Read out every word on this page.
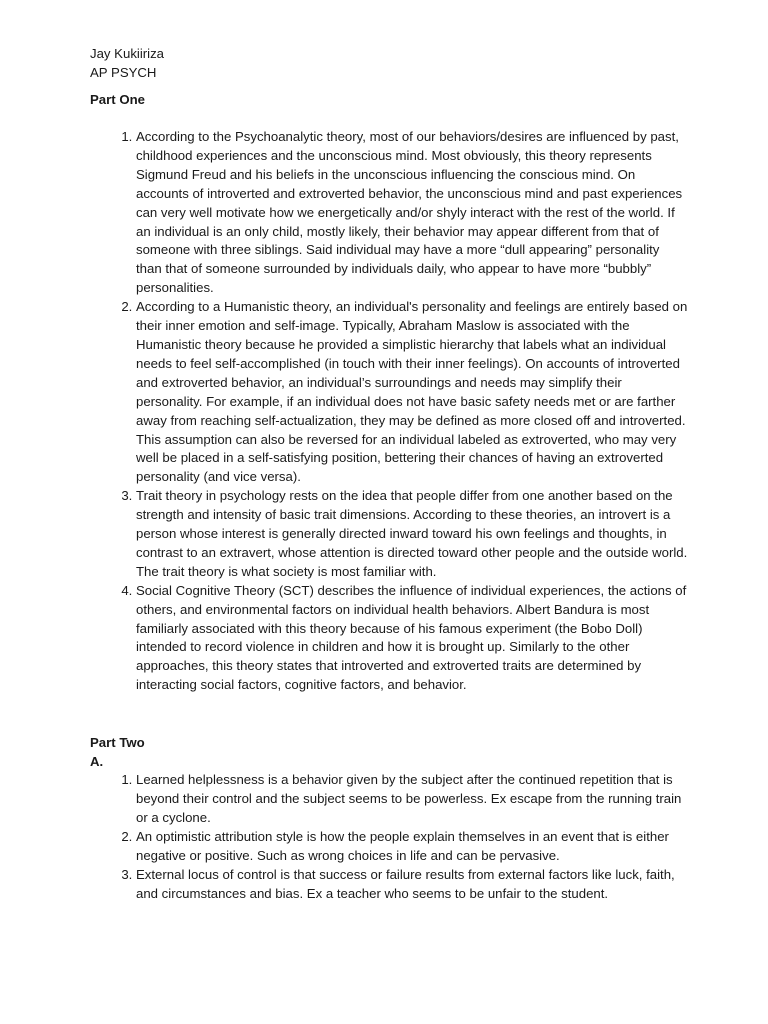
Jay Kukiiriza
AP PSYCH
Part One
1. According to the Psychoanalytic theory, most of our behaviors/desires are influenced by past, childhood experiences and the unconscious mind. Most obviously, this theory represents Sigmund Freud and his beliefs in the unconscious influencing the conscious mind. On accounts of introverted and extroverted behavior, the unconscious mind and past experiences can very well motivate how we energetically and/or shyly interact with the rest of the world. If an individual is an only child, mostly likely, their behavior may appear different from that of someone with three siblings. Said individual may have a more “dull appearing” personality than that of someone surrounded by individuals daily, who appear to have more “bubbly” personalities.
2. According to a Humanistic theory, an individual's personality and feelings are entirely based on their inner emotion and self-image. Typically, Abraham Maslow is associated with the Humanistic theory because he provided a simplistic hierarchy that labels what an individual needs to feel self-accomplished (in touch with their inner feelings). On accounts of introverted and extroverted behavior, an individual’s surroundings and needs may simplify their personality. For example, if an individual does not have basic safety needs met or are farther away from reaching self-actualization, they may be defined as more closed off and introverted. This assumption can also be reversed for an individual labeled as extroverted, who may very well be placed in a self-satisfying position, bettering their chances of having an extroverted personality (and vice versa).
3. Trait theory in psychology rests on the idea that people differ from one another based on the strength and intensity of basic trait dimensions. According to these theories, an introvert is a person whose interest is generally directed inward toward his own feelings and thoughts, in contrast to an extravert, whose attention is directed toward other people and the outside world. The trait theory is what society is most familiar with.
4. Social Cognitive Theory (SCT) describes the influence of individual experiences, the actions of others, and environmental factors on individual health behaviors. Albert Bandura is most familiarly associated with this theory because of his famous experiment (the Bobo Doll) intended to record violence in children and how it is brought up. Similarly to the other approaches, this theory states that introverted and extroverted traits are determined by interacting social factors, cognitive factors, and behavior.
Part Two
A.
1. Learned helplessness is a behavior given by the subject after the continued repetition that is beyond their control and the subject seems to be powerless. Ex escape from the running train or a cyclone.
2. An optimistic attribution style is how the people explain themselves in an event that is either negative or positive. Such as wrong choices in life and can be pervasive.
3. External locus of control is that success or failure results from external factors like luck, faith, and circumstances and bias. Ex a teacher who seems to be unfair to the student.
